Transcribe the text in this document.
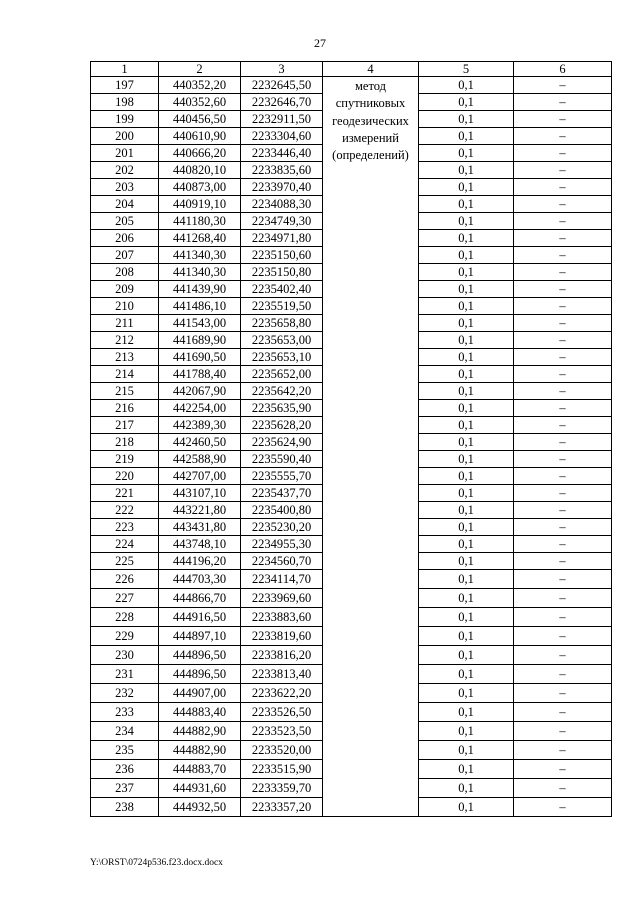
27
1	2	3	4	5	6
197	440352,20	2232645,50	метод
спутниковых
геодезических
измерений
(определений)	0,1	–
198	440352,60	2232646,70		0,1	–
199	440456,50	2232911,50		0,1	–
200	440610,90	2233304,60		0,1	–
201	440666,20	2233446,40		0,1	–
202	440820,10	2233835,60		0,1	–
203	440873,00	2233970,40		0,1	–
204	440919,10	2234088,30		0,1	–
205	441180,30	2234749,30		0,1	–
206	441268,40	2234971,80		0,1	–
207	441340,30	2235150,60		0,1	–
208	441340,30	2235150,80		0,1	–
209	441439,90	2235402,40		0,1	–
210	441486,10	2235519,50		0,1	–
211	441543,00	2235658,80		0,1	–
212	441689,90	2235653,00		0,1	–
213	441690,50	2235653,10		0,1	–
214	441788,40	2235652,00		0,1	–
215	442067,90	2235642,20		0,1	–
216	442254,00	2235635,90		0,1	–
217	442389,30	2235628,20		0,1	–
218	442460,50	2235624,90		0,1	–
219	442588,90	2235590,40		0,1	–
220	442707,00	2235555,70		0,1	–
221	443107,10	2235437,70		0,1	–
222	443221,80	2235400,80		0,1	–
223	443431,80	2235230,20		0,1	–
224	443748,10	2234955,30		0,1	–
225	444196,20	2234560,70		0,1	–
226	444703,30	2234114,70		0,1	–
227	444866,70	2233969,60		0,1	–
228	444916,50	2233883,60		0,1	–
229	444897,10	2233819,60		0,1	–
230	444896,50	2233816,20		0,1	–
231	444896,50	2233813,40		0,1	–
232	444907,00	2233622,20		0,1	–
233	444883,40	2233526,50		0,1	–
234	444882,90	2233523,50		0,1	–
235	444882,90	2233520,00		0,1	–
236	444883,70	2233515,90		0,1	–
237	444931,60	2233359,70		0,1	–
238	444932,50	2233357,20		0,1	–
Y:\ORST\0724p536.f23.docx.docx
